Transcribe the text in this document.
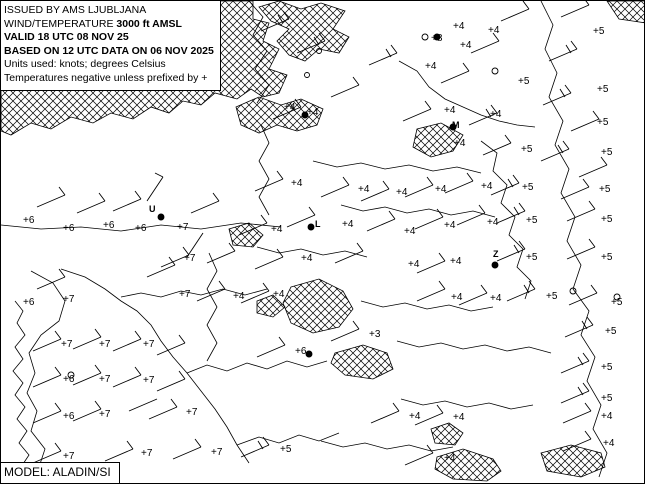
ISSUED BY AMS LJUBLJANA
WIND/TEMPERATURE 3000 ft AMSL
VALID 18 UTC 08 NOV 25
BASED ON 12 UTC DATA ON 06 NOV 2025
Units used: knots; degrees Celsius
Temperatures negative unless prefixed by +
MODEL: ALADIN/SI
+4 +4	+5
+8
+4
+4
+5
+5
+4 +4	+4	+4
+5
+4
+5	+5
+4
+4	+4	+4	+4	+5	+5
+6
+6	+6 +6	+7	+4	+4
+4
+4	+4	+5	+5
+7	+4
+4	+4	+5	+5
+6	+7	+7	+4	+4	+4	+4	+5
+5
+3	+5
+7	+7	+7
+6
+5
+6 +7	+7
+5
+6 +7	+7	+4	+4	+4
+7	+7	+7	+5
+4
+4
U
M
L
Z
